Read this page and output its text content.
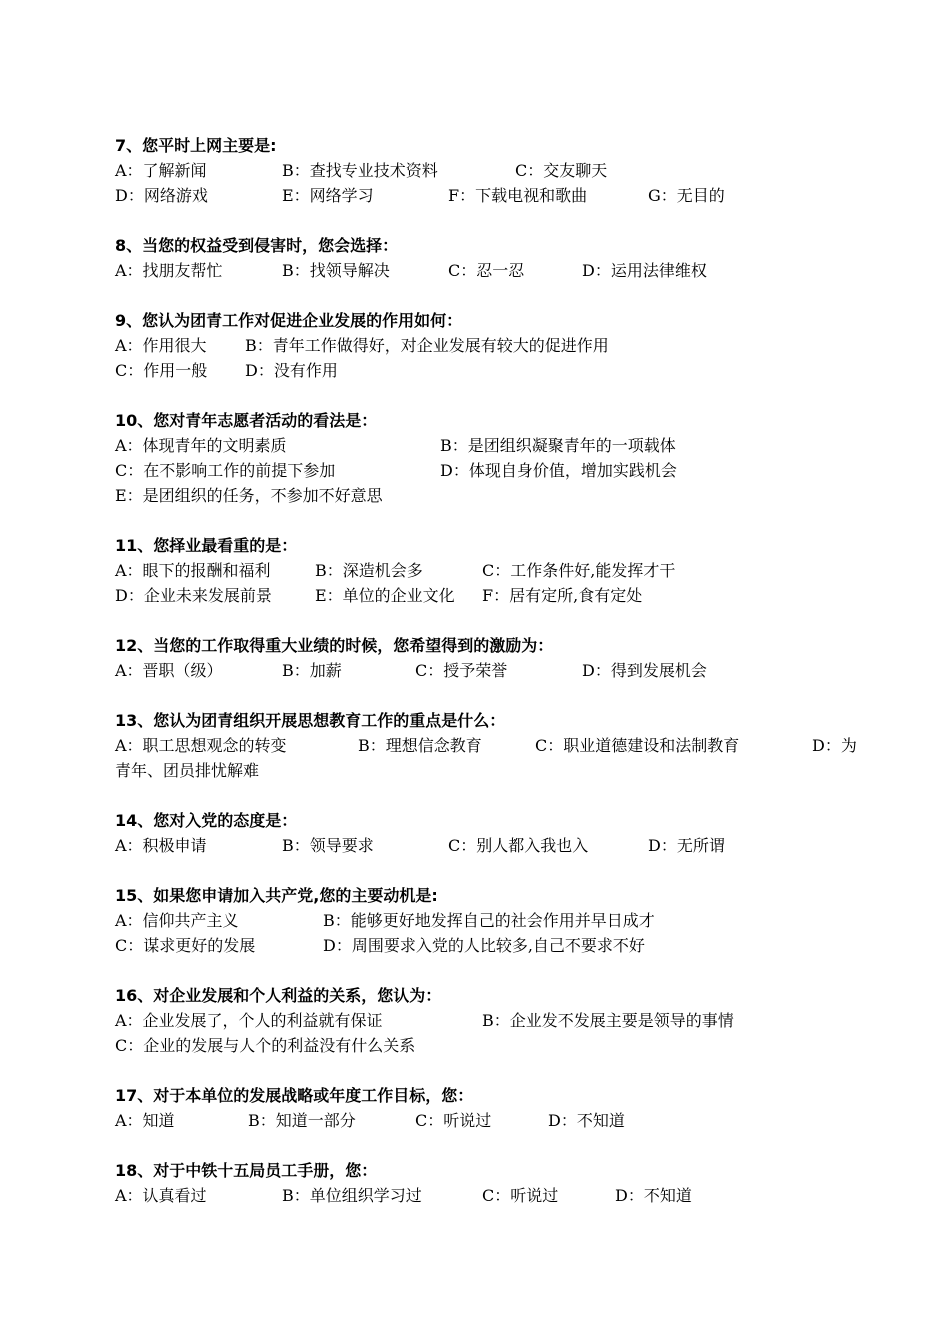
7、您平时上网主要是:
A：了解新闻	B：查找专业技术资料	C：交友聊天
D：网络游戏	E：网络学习	F：下载电视和歌曲	G：无目的
8、当您的权益受到侵害时，您会选择：
A：找朋友帮忙	B：找领导解决	C：忍一忍	D：运用法律维权
9、您认为团青工作对促进企业发展的作用如何：
A：作用很大 B：青年工作做得好，对企业发展有较大的促进作用
C：作用一般 D：没有作用
10、您对青年志愿者活动的看法是：
A：体现青年的文明素质	B：是团组织凝聚青年的一项载体
C：在不影响工作的前提下参加	D：体现自身价值，增加实践机会
E：是团组织的任务，不参加不好意思
11、您择业最看重的是：
A：眼下的报酬和福利	B：深造机会多	C：工作条件好,能发挥才干
D：企业未来发展前景	E：单位的企业文化 F：居有定所,食有定处
12、当您的工作取得重大业绩的时候，您希望得到的激励为：
A：晋职（级）	B：加薪	C：授予荣誉	D：得到发展机会
13、您认为团青组织开展思想教育工作的重点是什么：
A：职工思想观念的转变	B：理想信念教育	C：职业道德建设和法制教育	D：为
青年、团员排忧解难
14、您对入党的态度是：
A：积极申请	B：领导要求	C：别人都入我也入	D：无所谓
15、如果您申请加入共产党,您的主要动机是:
A：信仰共产主义	B：能够更好地发挥自己的社会作用并早日成才
C：谋求更好的发展	D：周围要求入党的人比较多,自己不要求不好
16、对企业发展和个人利益的关系，您认为：
A：企业发展了，个人的利益就有保证	B：企业发不发展主要是领导的事情
C：企业的发展与人个的利益没有什么关系
17、对于本单位的发展战略或年度工作目标，您：
A：知道	B：知道一部分	C：听说过	D：不知道
18、对于中铁十五局员工手册，您：
A：认真看过	B：单位组织学习过	C：听说过	D：不知道
